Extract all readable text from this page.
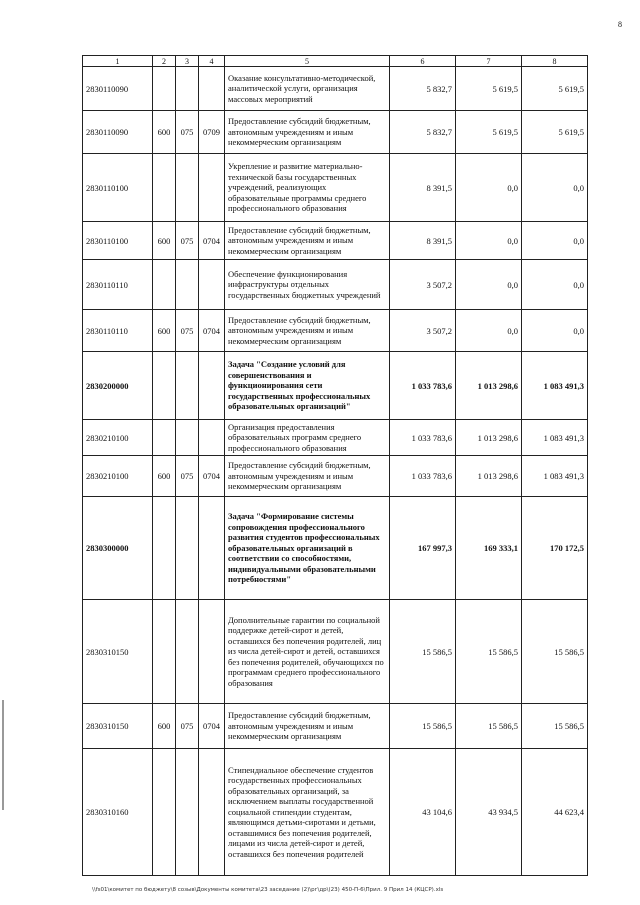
8
1	2	3	4	5	6	7	8
2830110090				Оказание консультативно-методической, аналитической услуги, организация массовых мероприятий	5 832,7	5 619,5	5 619,5
2830110090	600	075	0709	Предоставление субсидий бюджетным, автономным учреждениям и иным некоммерческим организациям	5 832,7	5 619,5	5 619,5
2830110100				Укрепление и развитие материально-технической базы государственных учреждений, реализующих образовательные программы среднего профессионального образования	8 391,5	0,0	0,0
2830110100	600	075	0704	Предоставление субсидий бюджетным, автономным учреждениям и иным некоммерческим организациям	8 391,5	0,0	0,0
2830110110				Обеспечение функционирования инфраструктуры отдельных государственных бюджетных учреждений	3 507,2	0,0	0,0
2830110110	600	075	0704	Предоставление субсидий бюджетным, автономным учреждениям и иным некоммерческим организациям	3 507,2	0,0	0,0
2830200000				Задача "Создание условий для совершенствования и функционирования сети государственных профессиональных образовательных организаций"	1 033 783,6	1 013 298,6	1 083 491,3
2830210100				Организация предоставления образовательных программ среднего профессионального образования	1 033 783,6	1 013 298,6	1 083 491,3
2830210100	600	075	0704	Предоставление субсидий бюджетным, автономным учреждениям и иным некоммерческим организациям	1 033 783,6	1 013 298,6	1 083 491,3
2830300000				Задача "Формирование системы сопровождения профессионального развития студентов профессиональных образовательных организаций в соответствии со способностями, индивидуальными образовательными потребностями"	167 997,3	169 333,1	170 172,5
2830310150				Дополнительные гарантии по социальной поддержке детей-сирот и детей, оставшихся без попечения родителей, лиц из числа детей-сирот и детей, оставшихся без попечения родителей, обучающихся по программам среднего профессионального образования	15 586,5	15 586,5	15 586,5
2830310150	600	075	0704	Предоставление субсидий бюджетным, автономным учреждениям и иным некоммерческим организациям	15 586,5	15 586,5	15 586,5
2830310160				Стипендиальное обеспечение студентов государственных профессиональных образовательных организаций, за исключением выплаты государственной социальной стипендии студентам, являющимся детьми-сиротами и детьми, оставшимися без попечения родителей, лицами из числа детей-сирот и детей, оставшихся без попечения родителей	43 104,6	43 934,5	44 623,4
\\fs01\комитет по бюджету\8 созыв\Документы комитета\23 заседание (2)\рг\др\(23) 450-П-6\Прил. 9 Прил 14 (КЦСР).xls
